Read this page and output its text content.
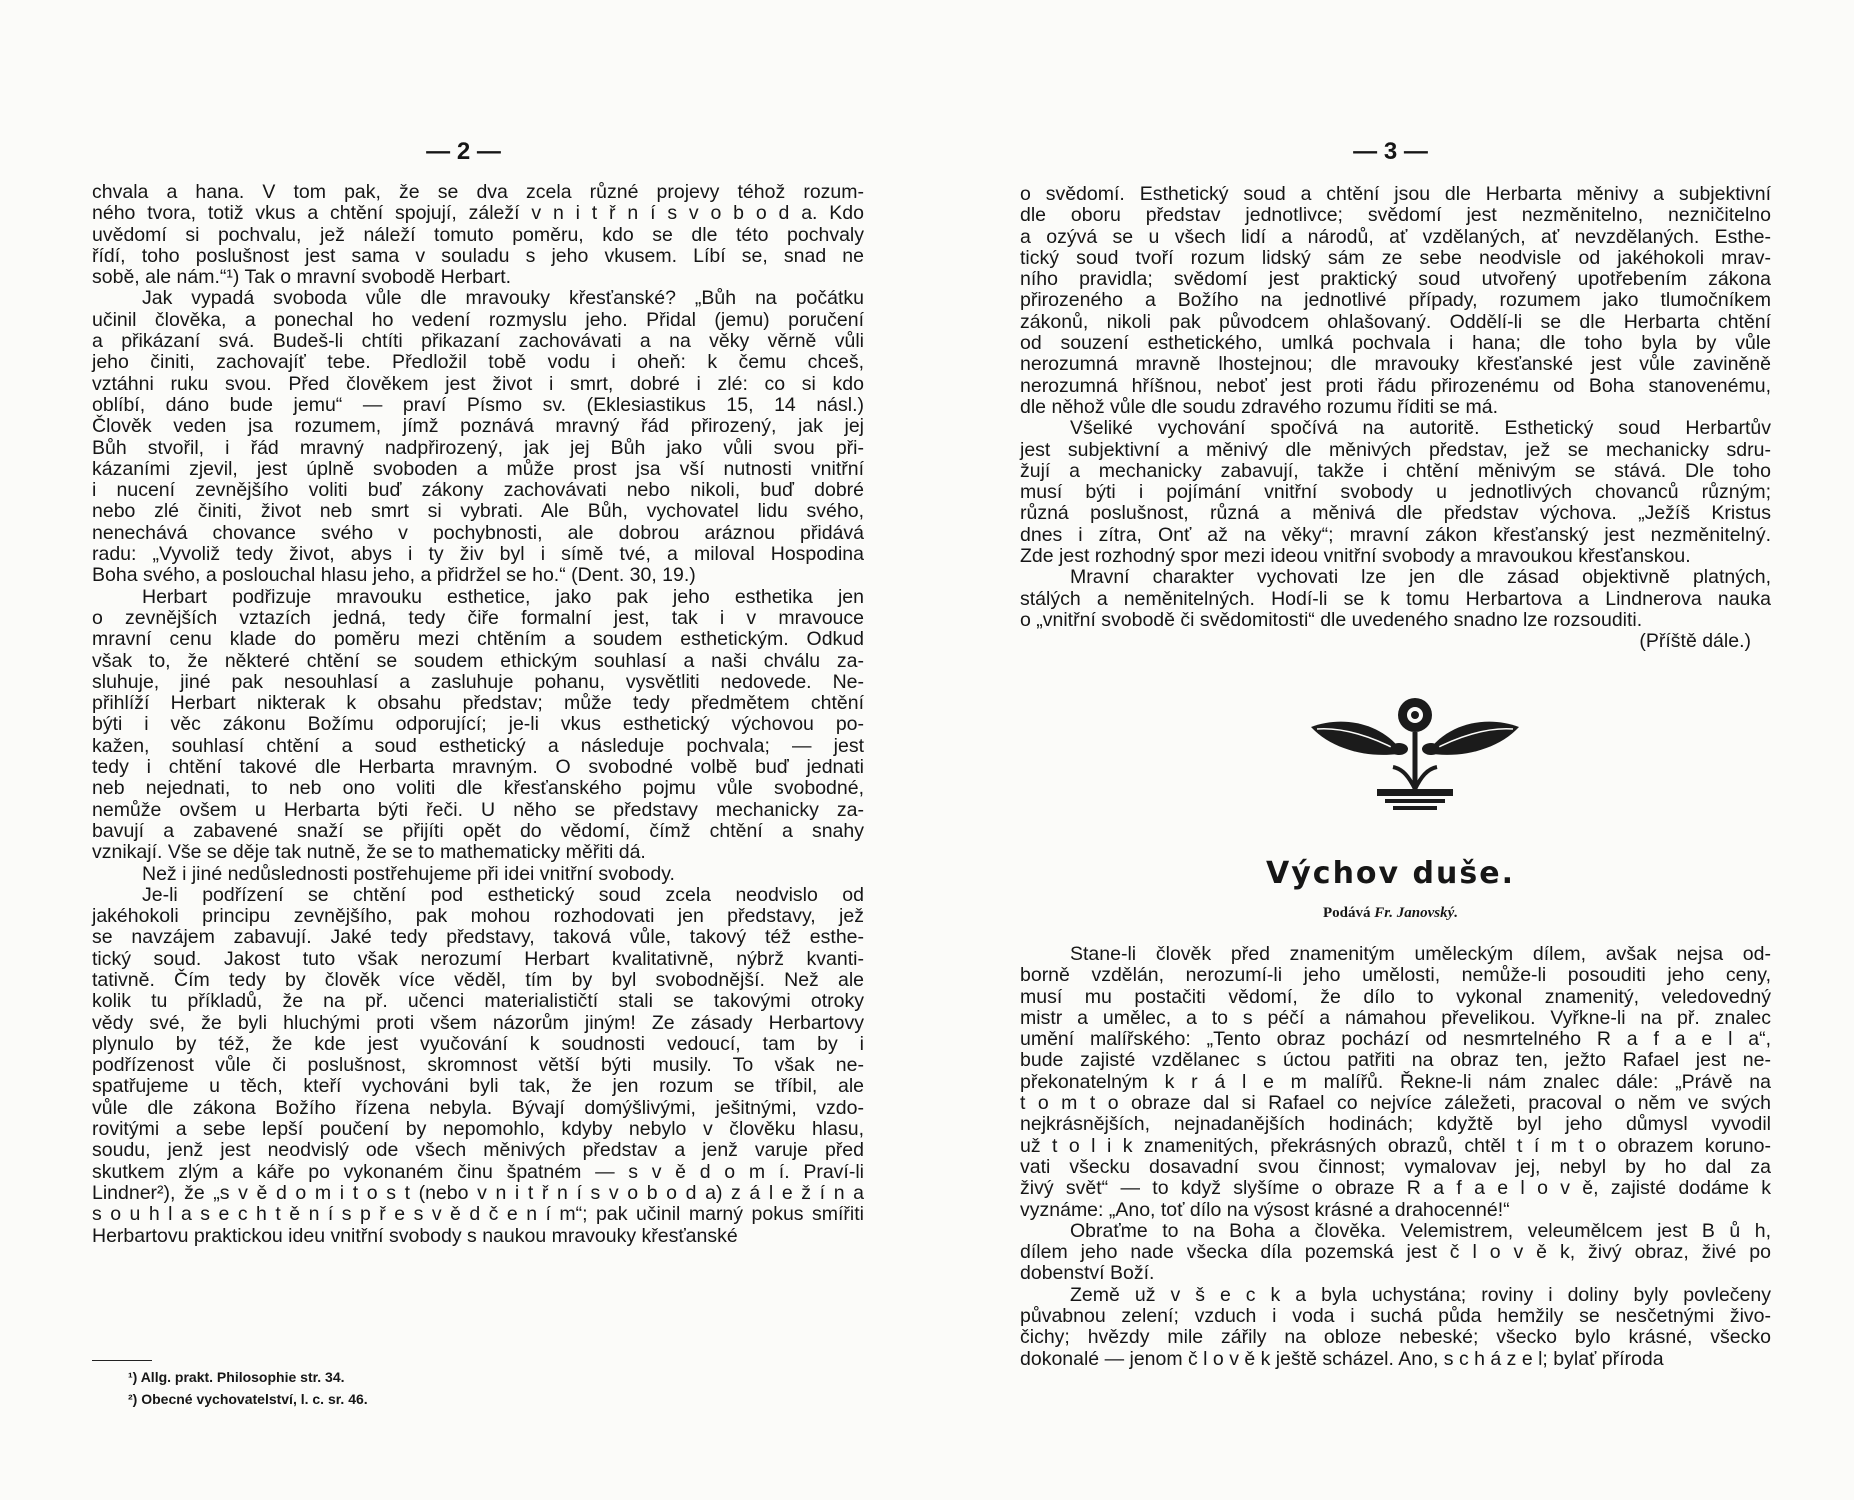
— 2 —

chvala a hana. V tom pak, že se dva zcela různé projevy téhož rozum-
ného tvora, totiž vkus a chtění spojují, záleží v n i t ř n í s v o b o d a. Kdo
uvědomí si pochvalu, jež náleží tomuto poměru, kdo se dle této pochvaly
řídí, toho poslušnost jest sama v souladu s jeho vkusem. Líbí se, snad ne
sobě, ale nám.“¹) Tak o mravní svobodě Herbart.

Jak vypadá svoboda vůle dle mravouky křesťanské? „Bůh na počátku
učinil člověka, a ponechal ho vedení rozmyslu jeho. Přidal (jemu) poručení
a přikázaní svá. Budeš-li chtíti přikazaní zachovávati a na věky věrně vůli
jeho činiti, zachovajíť tebe. Předložil tobě vodu i oheň: k čemu chceš,
vztáhni ruku svou. Před člověkem jest život i smrt, dobré i zlé: co si kdo
oblíbí, dáno bude jemu“ — praví Písmo sv. (Eklesiastikus 15, 14 násl.)
Člověk veden jsa rozumem, jímž poznává mravný řád přirozený, jak jej
Bůh stvořil, i řád mravný nadpřirozený, jak jej Bůh jako vůli svou při-
kázaními zjevil, jest úplně svoboden a může prost jsa vší nutnosti vnitřní
i nucení zevnějšího voliti buď zákony zachovávati nebo nikoli, buď dobré
nebo zlé činiti, život neb smrt si vybrati. Ale Bůh, vychovatel lidu svého,
nenechává chovance svého v pochybnosti, ale dobrou aráznou přidává
radu: „Vyvoliž tedy život, abys i ty živ byl i símě tvé, a miloval Hospodina
Boha svého, a poslouchal hlasu jeho, a přidržel se ho.“ (Dent. 30, 19.)

Herbart podřizuje mravouku esthetice, jako pak jeho esthetika jen
o zevnějších vztazích jedná, tedy čiře formalní jest, tak i v mravouce
mravní cenu klade do poměru mezi chtěním a soudem esthetickým. Odkud
však to, že některé chtění se soudem ethickým souhlasí a naši chválu za-
sluhuje, jiné pak nesouhlasí a zasluhuje pohanu, vysvětliti nedovede. Ne-
přihlíží Herbart nikterak k obsahu představ; může tedy předmětem chtění
býti i věc zákonu Božímu odporující; je-li vkus esthetický výchovou po-
kažen, souhlasí chtění a soud esthetický a následuje pochvala; — jest
tedy i chtění takové dle Herbarta mravným. O svobodné volbě buď jednati
neb nejednati, to neb ono voliti dle křesťanského pojmu vůle svobodné,
nemůže ovšem u Herbarta býti řeči. U něho se představy mechanicky za-
bavují a zabavené snaží se přijíti opět do vědomí, čímž chtění a snahy
vznikají. Vše se děje tak nutně, že se to mathematicky měřiti dá.

Než i jiné nedůslednosti postřehujeme při idei vnitřní svobody.

Je-li podřízení se chtění pod esthetický soud zcela neodvislo od
jakéhokoli principu zevnějšího, pak mohou rozhodovati jen představy, jež
se navzájem zabavují. Jaké tedy představy, taková vůle, takový též esthe-
tický soud. Jakost tuto však nerozumí Herbart kvalitativně, nýbrž kvanti-
tativně. Čím tedy by člověk více věděl, tím by byl svobodnější. Než ale
kolik tu příkladů, že na př. učenci materialističtí stali se takovými otroky
vědy své, že byli hluchými proti všem názorům jiným! Ze zásady Herbartovy
plynulo by též, že kde jest vyučování k soudnosti vedoucí, tam by i
podřízenost vůle či poslušnost, skromnost větší býti musily. To však ne-
spatřujeme u těch, kteří vychováni byli tak, že jen rozum se tříbil, ale
vůle dle zákona Božího řízena nebyla. Bývají domýšlivými, ješitnými, vzdo-
rovitými a sebe lepší poučení by nepomohlo, kdyby nebylo v člověku hlasu,
soudu, jenž jest neodvislý ode všech měnivých představ a jenž varuje před
skutkem zlým a káře po vykonaném činu špatném — s v ě d o m í. Praví-li
Lindner²), že „s v ě d o m i t o s t (nebo v n i t ř n í s v o b o d a) z á l e ž í n a
s o u h l a s e c h t ě n í s p ř e s v ě d č e n í m“; pak učinil marný pokus smířiti
Herbartovu praktickou ideu vnitřní svobody s naukou mravouky křesťanské

¹) Allg. prakt. Philosophie str. 34.
²) Obecné vychovatelství, l. c. sr. 46.
— 3 —

o svědomí. Esthetický soud a chtění jsou dle Herbarta měnivy a subjektivní
dle oboru představ jednotlivce; svědomí jest nezměnitelno, nezničitelno
a ozývá se u všech lidí a národů, ať vzdělaných, ať nevzdělaných. Esthe-
tický soud tvoří rozum lidský sám ze sebe neodvisle od jakéhokoli mrav-
ního pravidla; svědomí jest praktický soud utvořený upotřebením zákona
přirozeného a Božího na jednotlivé případy, rozumem jako tlumočníkem
zákonů, nikoli pak původcem ohlašovaný. Oddělí-li se dle Herbarta chtění
od souzení esthetického, umlká pochvala i hana; dle toho byla by vůle
nerozumná mravně lhostejnou; dle mravouky křesťanské jest vůle zaviněně
nerozumná hříšnou, neboť jest proti řádu přirozenému od Boha stanovenému,
dle něhož vůle dle soudu zdravého rozumu říditi se má.

Všeliké vychování spočívá na autoritě. Esthetický soud Herbartův
jest subjektivní a měnivý dle měnivých představ, jež se mechanicky sdru-
žují a mechanicky zabavují, takže i chtění měnivým se stává. Dle toho
musí býti i pojímání vnitřní svobody u jednotlivých chovanců různým;
různá poslušnost, různá a měnivá dle představ výchova. „Ježíš Kristus
dnes i zítra, Onť až na věky“; mravní zákon křesťanský jest nezměnitelný.
Zde jest rozhodný spor mezi ideou vnitřní svobody a mravoukou křesťanskou.

Mravní charakter vychovati lze jen dle zásad objektivně platných,
stálých a neměnitelných. Hodí-li se k tomu Herbartova a Lindnerova nauka
o „vnitřní svobodě či svědomitosti“ dle uvedeného snadno lze rozsouditi.

(Příště dále.)
Výchov duše.
Podává Fr. Janovský.

Stane-li člověk před znamenitým uměleckým dílem, avšak nejsa od-
borně vzdělán, nerozumí-li jeho umělosti, nemůže-li posouditi jeho ceny,
musí mu postačiti vědomí, že dílo to vykonal znamenitý, veledovedný
mistr a umělec, a to s péčí a námahou převelikou. Vyřkne-li na př. znalec
umění malířského: „Tento obraz pochází od nesmrtelného R a f a e l a“,
bude zajisté vzdělanec s úctou patřiti na obraz ten, ježto Rafael jest ne-
překonatelným k r á l e m malířů. Řekne-li nám znalec dále: „Právě na
t o m t o obraze dal si Rafael co nejvíce záležeti, pracoval o něm ve svých
nejkrásnějších, nejnadanějších hodinách; kdyžtě byl jeho důmysl vyvodil
už t o l i k znamenitých, překrásných obrazů, chtěl t í m t o obrazem koruno-
vati všecku dosavadní svou činnost; vymalovav jej, nebyl by ho dal za
živý svět“ — to když slyšíme o obraze R a f a e l o v ě, zajisté dodáme k
vyznáme: „Ano, toť dílo na výsost krásné a drahocenné!“

Obraťme to na Boha a člověka. Velemistrem, veleumělcem jest B ů h,
dílem jeho nade všecka díla pozemská jest č l o v ě k, živý obraz, živé po
dobenství Boží.

Země už v š e c k a byla uchystána; roviny i doliny byly povlečeny
půvabnou zelení; vzduch i voda i suchá půda hemžily se nesčetnými živo-
čichy; hvězdy mile zářily na obloze nebeské; všecko bylo krásné, všecko
dokonalé — jenom č l o v ě k ještě scházel. Ano, s c h á z e l; bylať příroda
